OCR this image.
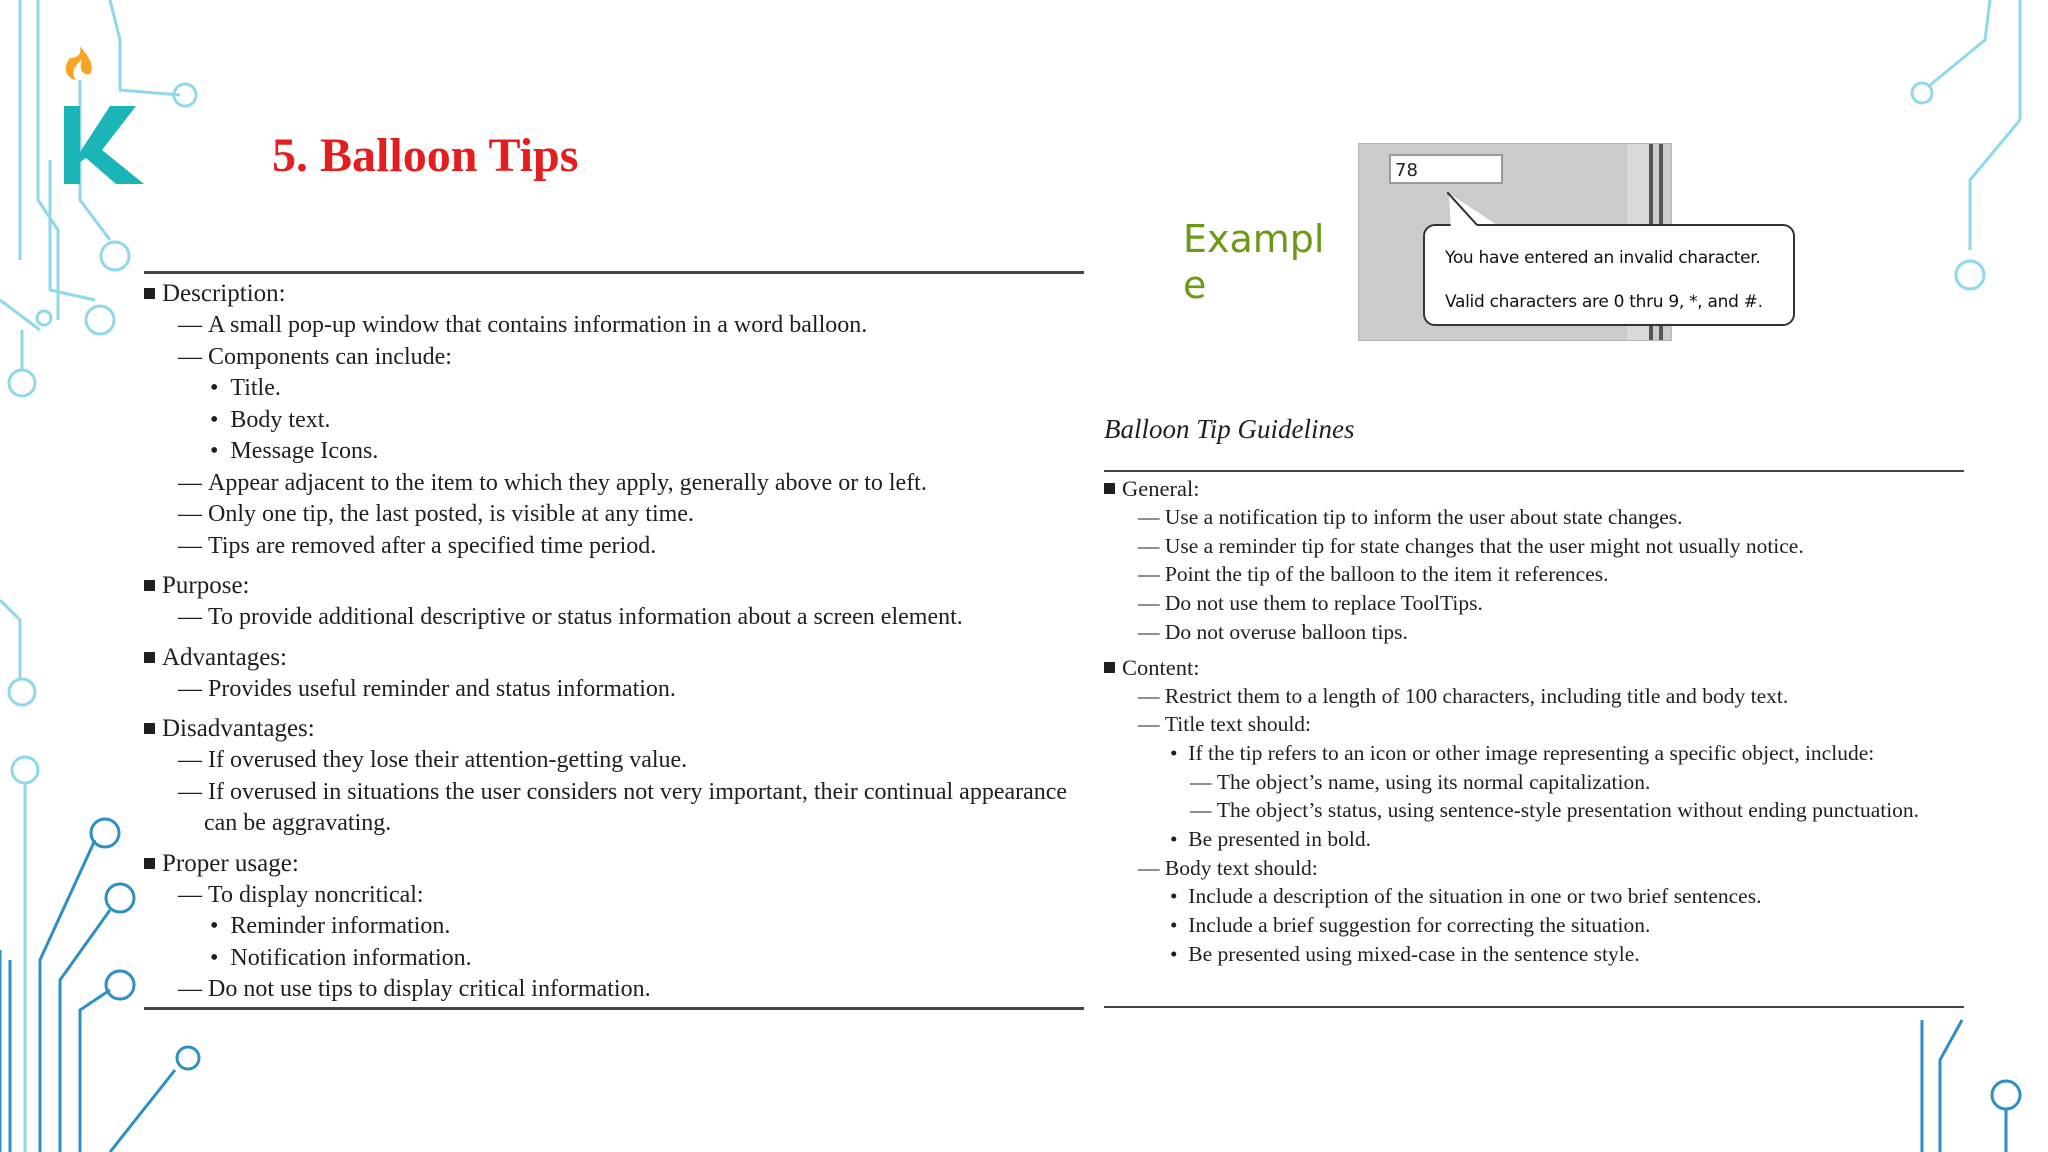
5. Balloon Tips
Description:
— A small pop-up window that contains information in a word balloon.
— Components can include:
•  Title.
•  Body text.
•  Message Icons.
— Appear adjacent to the item to which they apply, generally above or to left.
— Only one tip, the last posted, is visible at any time.
— Tips are removed after a specified time period.
Purpose:
— To provide additional descriptive or status information about a screen element.
Advantages:
— Provides useful reminder and status information.
Disadvantages:
— If overused they lose their attention-getting value.
— If overused in situations the user considers not very important, their continual appearance can be aggravating.
Proper usage:
— To display noncritical:
•  Reminder information.
•  Notification information.
— Do not use tips to display critical information.
Example
78
You have entered an invalid character.
Valid characters are 0 thru 9, *, and #.
Balloon Tip Guidelines
General:
— Use a notification tip to inform the user about state changes.
— Use a reminder tip for state changes that the user might not usually notice.
— Point the tip of the balloon to the item it references.
— Do not use them to replace ToolTips.
— Do not overuse balloon tips.
Content:
— Restrict them to a length of 100 characters, including title and body text.
— Title text should:
•  If the tip refers to an icon or other image representing a specific object, include:
— The object’s name, using its normal capitalization.
— The object’s status, using sentence-style presentation without ending punctuation.
•  Be presented in bold.
— Body text should:
•  Include a description of the situation in one or two brief sentences.
•  Include a brief suggestion for correcting the situation.
•  Be presented using mixed-case in the sentence style.
